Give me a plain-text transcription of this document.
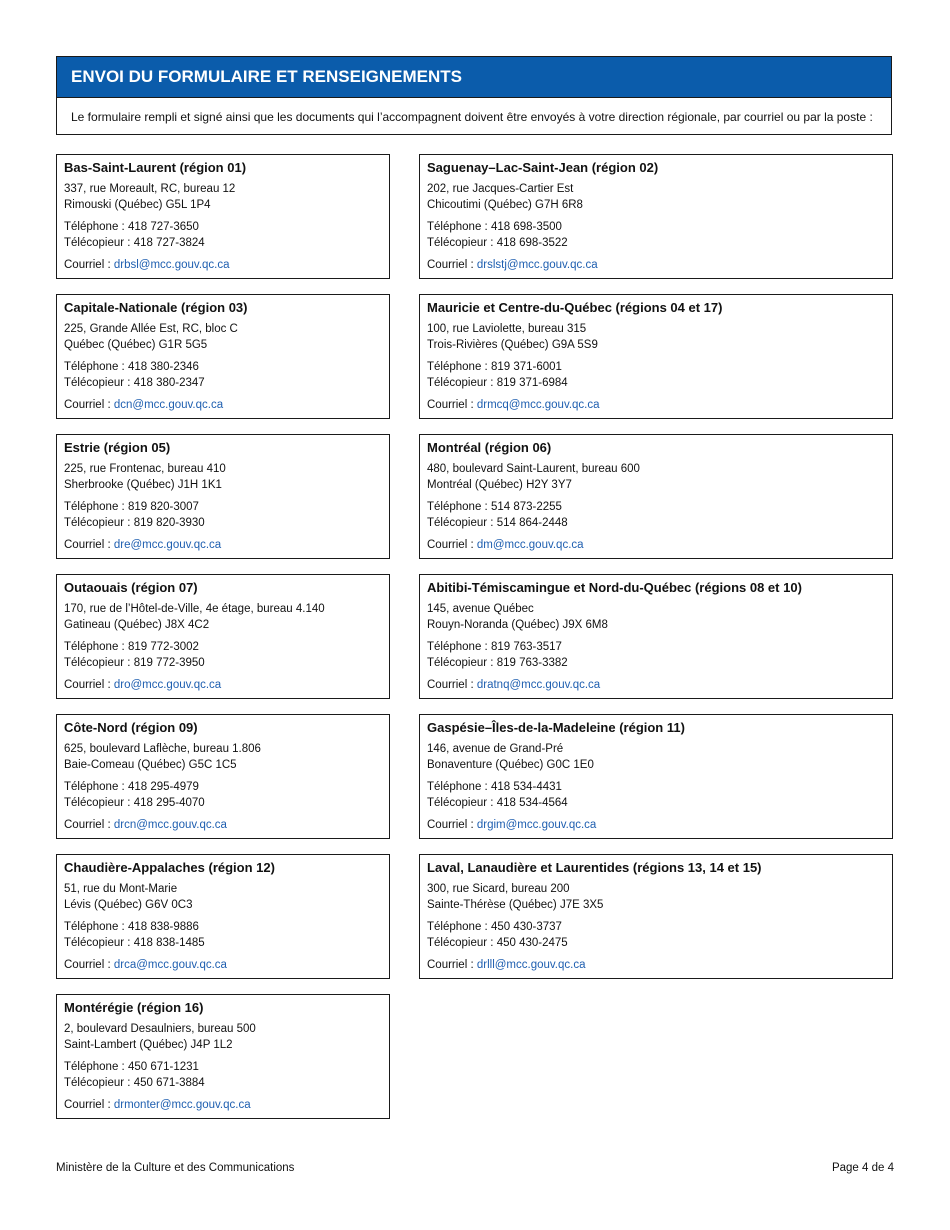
ENVOI DU FORMULAIRE ET RENSEIGNEMENTS
Le formulaire rempli et signé ainsi que les documents qui l’accompagnent doivent être envoyés à votre direction régionale, par courriel ou par la poste :
Bas-Saint-Laurent (région 01)
337, rue Moreault, RC, bureau 12
Rimouski (Québec) G5L 1P4
Téléphone : 418 727-3650
Télécopieur : 418 727-3824
Courriel : drbsl@mcc.gouv.qc.ca
Capitale-Nationale (région 03)
225, Grande Allée Est, RC, bloc C
Québec (Québec) G1R 5G5
Téléphone : 418 380-2346
Télécopieur : 418 380-2347
Courriel : dcn@mcc.gouv.qc.ca
Estrie (région 05)
225, rue Frontenac, bureau 410
Sherbrooke (Québec) J1H 1K1
Téléphone : 819 820-3007
Télécopieur : 819 820-3930
Courriel : dre@mcc.gouv.qc.ca
Outaouais (région 07)
170, rue de l’Hôtel-de-Ville, 4e étage, bureau 4.140
Gatineau (Québec) J8X 4C2
Téléphone : 819 772-3002
Télécopieur : 819 772-3950
Courriel : dro@mcc.gouv.qc.ca
Côte-Nord (région 09)
625, boulevard Laflèche, bureau 1.806
Baie-Comeau (Québec) G5C 1C5
Téléphone : 418 295-4979
Télécopieur : 418 295-4070
Courriel : drcn@mcc.gouv.qc.ca
Chaudière-Appalaches (région 12)
51, rue du Mont-Marie
Lévis (Québec) G6V 0C3
Téléphone : 418 838-9886
Télécopieur : 418 838-1485
Courriel : drca@mcc.gouv.qc.ca
Montérégie (région 16)
2, boulevard Desaulniers, bureau 500
Saint-Lambert (Québec) J4P 1L2
Téléphone : 450 671-1231
Télécopieur : 450 671-3884
Courriel : drmonter@mcc.gouv.qc.ca
Saguenay–Lac-Saint-Jean (région 02)
202, rue Jacques-Cartier Est
Chicoutimi (Québec) G7H 6R8
Téléphone : 418 698-3500
Télécopieur : 418 698-3522
Courriel : drslstj@mcc.gouv.qc.ca
Mauricie et Centre-du-Québec (régions 04 et 17)
100, rue Laviolette, bureau 315
Trois-Rivières (Québec) G9A 5S9
Téléphone : 819 371-6001
Télécopieur : 819 371-6984
Courriel : drmcq@mcc.gouv.qc.ca
Montréal (région 06)
480, boulevard Saint-Laurent, bureau 600
Montréal (Québec) H2Y 3Y7
Téléphone : 514 873-2255
Télécopieur : 514 864-2448
Courriel : dm@mcc.gouv.qc.ca
Abitibi-Témiscamingue et Nord-du-Québec (régions 08 et 10)
145, avenue Québec
Rouyn-Noranda (Québec) J9X 6M8
Téléphone : 819 763-3517
Télécopieur : 819 763-3382
Courriel : dratnq@mcc.gouv.qc.ca
Gaspésie–Îles-de-la-Madeleine (région 11)
146, avenue de Grand-Pré
Bonaventure (Québec) G0C 1E0
Téléphone : 418 534-4431
Télécopieur : 418 534-4564
Courriel : drgim@mcc.gouv.qc.ca
Laval, Lanaudière et Laurentides (régions 13, 14 et 15)
300, rue Sicard, bureau 200
Sainte-Thérèse (Québec) J7E 3X5
Téléphone : 450 430-3737
Télécopieur : 450 430-2475
Courriel : drlll@mcc.gouv.qc.ca
Ministère de la Culture et des Communications	Page 4 de 4
